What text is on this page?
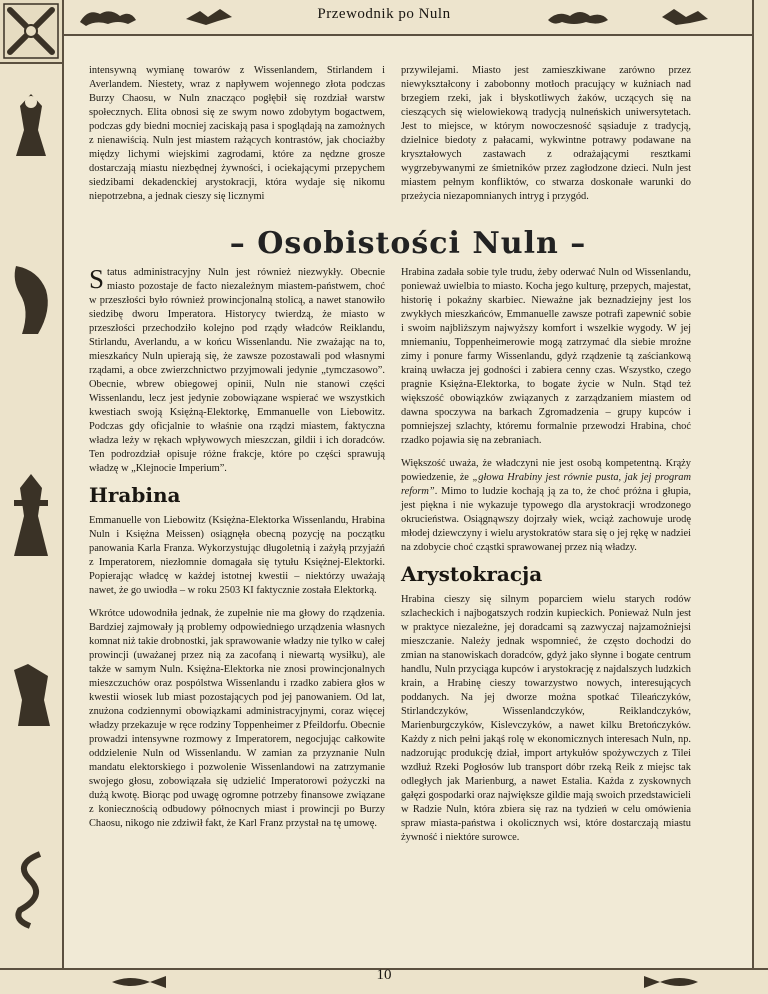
Przewodnik po Nuln

intensywną wymianę towarów z Wissenlandem, Stirlandem i Averlandem. Niestety, wraz z napływem wojennego złota podczas Burzy Chaosu, w Nuln znacząco pogłębił się rozdział warstw społecznych. Elita obnosi się ze swym nowo zdobytym bogactwem, podczas gdy biedni mocniej zaciskają pasa i spoglądają na zamożnych z nienawiścią. Nuln jest miastem rażących kontrastów, jak chociażby między lichymi wiejskimi zagrodami, które za nędzne grosze dostarczają miastu niezbędnej żywności, i ociekającymi przepychem siedzibami dekadenckiej arystokracji, która wydaje się nikomu niepotrzebna, a jednak cieszy się licznymi

przywilejami. Miasto jest zamieszkiwane zarówno przez niewykształcony i zabobonny motłoch pracujący w kuźniach nad brzegiem rzeki, jak i błyskotliwych żaków, uczących się na cieszących się wielowiekową tradycją nulneńskich uniwersytetach. Jest to miejsce, w którym nowoczesność sąsiaduje z tradycją, dzielnice biedoty z pałacami, wykwintne potrawy podawane na kryształowych zastawach z odrażającymi resztkami wygrzebywanymi ze śmietników przez zagłodzone dzieci. Nuln jest miastem pełnym konfliktów, co stwarza doskonałe warunki do przeżycia niezapomnianych intryg i przygód.

– Osobistości Nuln –

Status administracyjny Nuln jest również niezwykły. Obecnie miasto pozostaje de facto niezależnym miastem-państwem, choć w przeszłości było również prowincjonalną stolicą, a nawet stanowiło siedzibę dworu Imperatora. Historycy twierdzą, że miasto w przeszłości przechodziło kolejno pod rządy władców Reiklandu, Stirlandu, Averlandu, a w końcu Wissenlandu. Nie zważając na to, mieszkańcy Nuln upierają się, że zawsze pozostawali pod własnymi rządami, a obce zwierzchnictwo przyjmowali jedynie „tymczasowo”. Obecnie, wbrew obiegowej opinii, Nuln nie stanowi części Wissenlandu, lecz jest jedynie zobowiązane wspierać we wszystkich kwestiach swoją Księżną-Elektorkę, Emmanuelle von Liebowitz. Podczas gdy oficjalnie to właśnie ona rządzi miastem, faktyczna władza leży w rękach wpływowych mieszczan, gildii i ich doradców. Ten podrozdział opisuje różne frakcje, które po części sprawują władzę w „Klejnocie Imperium”.

Hrabina

Emmanuelle von Liebowitz (Księżna-Elektorka Wissenlandu, Hrabina Nuln i Księżna Meissen) osiągnęła obecną pozycję na początku panowania Karla Franza. Wykorzystując długoletnią i zażyłą przyjaźń z Imperatorem, niezłomnie domagała się tytułu Księżnej-Elektorki. Popierając władcę w każdej istotnej kwestii – niektórzy uważają nawet, że go uwiodła – w roku 2503 KI faktycznie została Elektorką.

Wkrótce udowodniła jednak, że zupełnie nie ma głowy do rządzenia. Bardziej zajmowały ją problemy odpowiedniego urządzenia własnych komnat niż takie drobnostki, jak sprawowanie władzy nie tylko w całej prowincji (uważanej przez nią za zacofaną i niewartą wysiłku), ale także w samym Nuln. Księżna-Elektorka nie znosi prowincjonalnych mieszczuchów oraz pospólstwa Wissenlandu i rzadko zabiera głos w kwestii wiosek lub miast pozostających pod jej panowaniem. Od lat, znużona codziennymi obowiązkami administracyjnymi, coraz więcej władzy przekazuje w ręce rodziny Toppenheimer z Pfeildorfu. Obecnie prowadzi intensywne rozmowy z Imperatorem, negocjując całkowite oddzielenie Nuln od Wissenlandu. W zamian za przyznanie Nuln mandatu elektorskiego i pozwolenie Wissenlandowi na zatrzymanie swojego głosu, zobowiązała się udzielić Imperatorowi pożyczki na dużą kwotę. Biorąc pod uwagę ogromne potrzeby finansowe związane z koniecznością odbudowy północnych miast i prowincji po Burzy Chaosu, nikogo nie zdziwił fakt, że Karl Franz przystał na tę umowę.

Hrabina zadała sobie tyle trudu, żeby oderwać Nuln od Wissenlandu, ponieważ uwielbia to miasto. Kocha jego kulturę, przepych, majestat, historię i pokaźny skarbiec. Nieważne jak beznadziejny jest los zwykłych mieszkańców, Emmanuelle zawsze potrafi zapewnić sobie i swoim najbliższym najwyższy komfort i wszelkie wygody. W jej mniemaniu, Toppenheimerowie mogą zatrzymać dla siebie mroźne zimy i ponure farmy Wissenlandu, gdyż rządzenie tą zaściankową krainą uwłacza jej godności i zabiera cenny czas. Wszystko, czego pragnie Księżna-Elektorka, to bogate życie w Nuln. Stąd też większość obowiązków związanych z zarządzaniem miastem od dawna spoczywa na barkach Zgromadzenia – grupy kupców i pomniejszej szlachty, któremu formalnie przewodzi Hrabina, choć rzadko pojawia się na zebraniach.

Większość uważa, że władczyni nie jest osobą kompetentną. Krąży powiedzenie, że „głowa Hrabiny jest równie pusta, jak jej program reform”. Mimo to ludzie kochają ją za to, że choć próżna i głupia, jest piękna i nie wykazuje typowego dla arystokracji wrodzonego okrucieństwa. Osiągnąwszy dojrzały wiek, wciąż zachowuje urodę młodej dziewczyny i wielu arystokratów stara się o jej rękę w nadziei na zdobycie choć cząstki sprawowanej przez nią władzy.

Arystokracja

Hrabina cieszy się silnym poparciem wielu starych rodów szlacheckich i najbogatszych rodzin kupieckich. Ponieważ Nuln jest w praktyce niezależne, jej doradcami są zazwyczaj najzamożniejsi mieszczanie. Należy jednak wspomnieć, że często dochodzi do zmian na stanowiskach doradców, gdyż jako słynne i bogate centrum handlu, Nuln przyciąga kupców i arystokrację z najdalszych ludzkich krain, a Hrabinę cieszy towarzystwo nowych, interesujących poddanych. Na jej dworze można spotkać Tileańczyków, Stirlandczyków, Wissenlandczyków, Reiklandczyków, Marienburgczyków, Kislevczyków, a nawet kilku Bretończyków. Każdy z nich pełni jakąś rolę w ekonomicznych interesach Nuln, np. nadzorując produkcję dział, import artykułów spożywczych z Tilei wzdłuż Rzeki Pogłosów lub transport dóbr rzeką Reik z miejsc tak odległych jak Marienburg, a nawet Estalia. Każda z zyskownych gałęzi gospodarki oraz największe gildie mają swoich przedstawicieli w Radzie Nuln, która zbiera się raz na tydzień w celu omówienia spraw miasta-państwa i okolicznych wsi, które dostarczają miastu żywność i niektóre surowce.

10
